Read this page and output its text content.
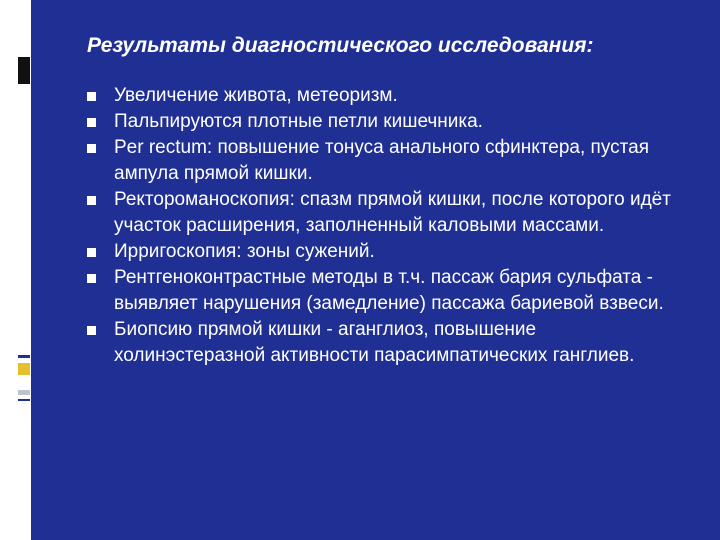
Результаты диагностического исследования:
Увеличение живота, метеоризм.
Пальпируются плотные петли кишечника.
Per rectum: повышение тонуса анального сфинктера, пустая ампула прямой кишки.
Ректороманоскопия: спазм прямой кишки, после которого идёт участок расширения, заполненный каловыми массами.
Ирригоскопия: зоны сужений.
Рентгеноконтрастные методы в т.ч. пассаж бария сульфата - выявляет нарушения (замедление) пассажа бариевой взвеси.
Биопсию прямой кишки - аганглиоз, повышение холинэстеразной активности парасимпатических ганглиев.
